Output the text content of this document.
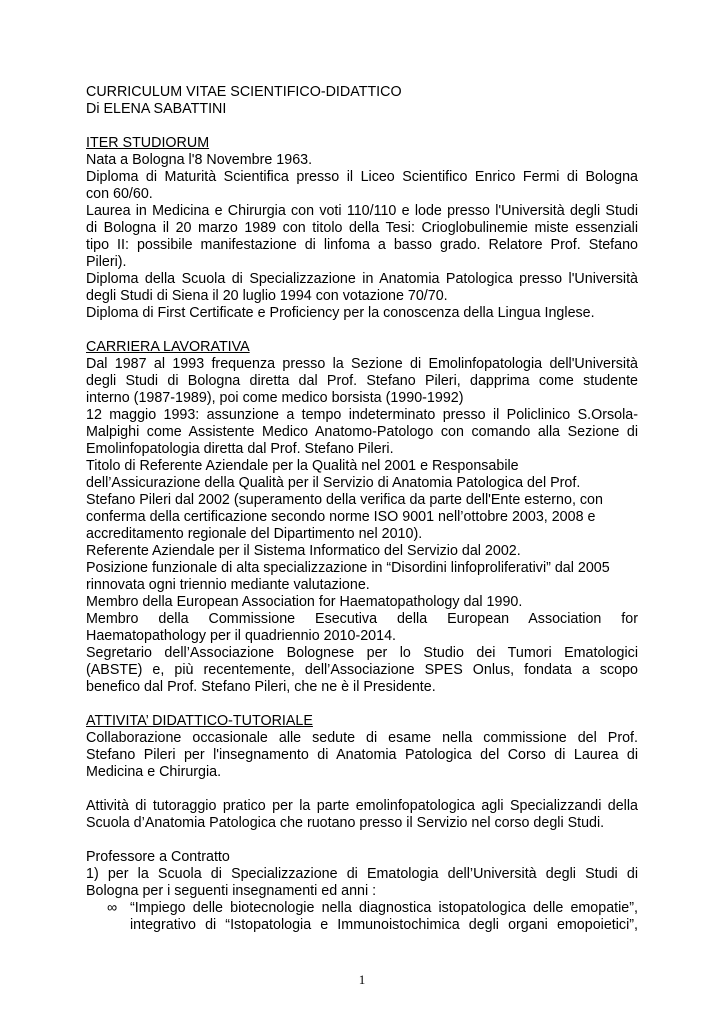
CURRICULUM VITAE SCIENTIFICO-DIDATTICO
Di ELENA SABATTINI
ITER STUDIORUM
Nata a Bologna l'8 Novembre 1963.
Diploma di Maturità Scientifica presso il Liceo Scientifico Enrico Fermi di Bologna
con 60/60.
Laurea in Medicina e Chirurgia con voti 110/110 e lode presso l'Università degli Studi
di Bologna il 20 marzo 1989 con titolo della Tesi: Crioglobulinemie miste essenziali
tipo II: possibile manifestazione di linfoma a basso grado. Relatore Prof. Stefano
Pileri).
Diploma della Scuola di Specializzazione in Anatomia Patologica presso l'Università
degli Studi di Siena il 20 luglio 1994 con votazione 70/70.
Diploma di First Certificate e Proficiency per la conoscenza della Lingua Inglese.
CARRIERA LAVORATIVA
Dal 1987 al 1993 frequenza presso la Sezione di Emolinfopatologia dell'Università
degli Studi di Bologna diretta dal Prof. Stefano Pileri, dapprima come studente
interno (1987-1989), poi come medico borsista (1990-1992)
12 maggio 1993: assunzione a tempo indeterminato presso il Policlinico S.Orsola-
Malpighi come Assistente Medico Anatomo-Patologo con comando alla Sezione di
Emolinfopatologia diretta dal Prof. Stefano Pileri.
Titolo di Referente Aziendale per la Qualità nel 2001 e Responsabile
dell’Assicurazione della Qualità per il Servizio di Anatomia Patologica del Prof.
Stefano Pileri dal 2002 (superamento della verifica da parte dell'Ente esterno, con
conferma della certificazione secondo norme ISO 9001 nell’ottobre 2003, 2008 e
accreditamento regionale del Dipartimento nel 2010).
Referente Aziendale per il Sistema Informatico del Servizio dal 2002.
Posizione funzionale di alta specializzazione in “Disordini linfoproliferativi” dal 2005
rinnovata ogni triennio mediante valutazione.
Membro della European Association for Haematopathology dal 1990.
Membro della Commissione Esecutiva della European Association for
Haematopathology per il quadriennio 2010-2014.
Segretario dell’Associazione Bolognese per lo Studio dei Tumori Ematologici
(ABSTE) e, più recentemente, dell’Associazione SPES Onlus, fondata a scopo
benefico dal Prof. Stefano Pileri, che ne è il Presidente.
ATTIVITA’ DIDATTICO-TUTORIALE
Collaborazione occasionale alle sedute di esame nella commissione del Prof.
Stefano Pileri per l'insegnamento di Anatomia Patologica del Corso di Laurea di
Medicina e Chirurgia.
Attività di tutoraggio pratico per la parte emolinfopatologica agli Specializzandi della
Scuola d’Anatomia Patologica che ruotano presso il Servizio nel corso degli Studi.
Professore a Contratto
1) per la Scuola di Specializzazione di Ematologia dell’Università degli Studi di
Bologna per i seguenti insegnamenti ed anni :
∞ “Impiego delle biotecnologie nella diagnostica istopatologica delle emopatie”,
integrativo di “Istopatologia e Immunoistochimica degli organi emopoietici”,
1
